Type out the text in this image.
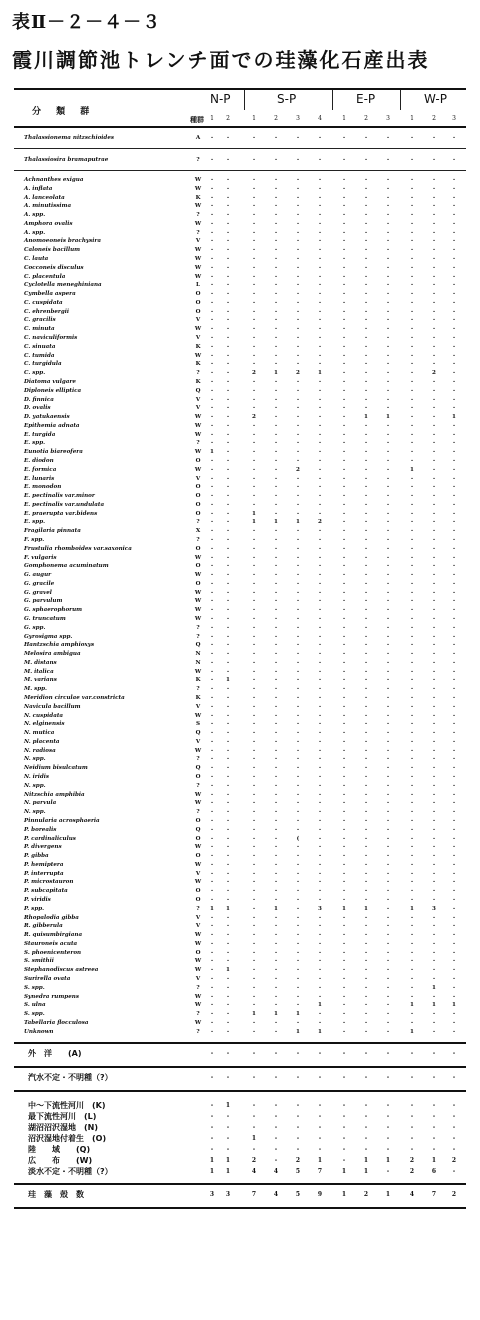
表Ⅱ－２－４－３
霞川調節池トレンチ面での珪藻化石産出表
分 類 群
種群
N-P
1	2
S-P
1	2	3	4
E-P
1	2	3
W-P
1	2	3
Thalassionema nitzschioides	A	-	-	-	-	-	-	-	-	-	-	-	-
Thalassiosira bramaputrae	?	-	-	-	-	-	-	-	-	-	-	-	-
Achnanthes exigua	W	-	-	-	-	-	-	-	-	-	-	-	-
A. inflata	W	-	-	-	-	-	-	-	-	-	-	-	-
A. lanceolata	K	-	-	-	-	-	-	-	-	-	-	-	-
A. minutissima	W	-	-	-	-	-	-	-	-	-	-	-	-
A. spp.	?	-	-	-	-	-	-	-	-	-	-	-	-
Amphora ovalis	W	-	-	-	-	-	-	-	-	-	-	-	-
A. spp.	?	-	-	-	-	-	-	-	-	-	-	-	-
Anomoeoneis brachysira	V	-	-	-	-	-	-	-	-	-	-	-	-
Caloneis bacillum	W	-	-	-	-	-	-	-	-	-	-	-	-
C. lauta	W	-	-	-	-	-	-	-	-	-	-	-	-
Cocconeis disculus	W	-	-	-	-	-	-	-	-	-	-	-	-
C. placentula	W	-	-	-	-	-	-	-	-	-	-	-	-
Cyclotella meneghiniana	L	-	-	-	-	-	-	-	-	-	-	-	-
Cymbella aspera	O	-	-	-	-	-	-	-	-	-	-	-	-
C. cuspidata	O	-	-	-	-	-	-	-	-	-	-	-	-
C. ehrenbergii	O	-	-	-	-	-	-	-	-	-	-	-	-
C. gracilis	V	-	-	-	-	-	-	-	-	-	-	-	-
C. minuta	W	-	-	-	-	-	-	-	-	-	-	-	-
C. naviculiformis	V	-	-	-	-	-	-	-	-	-	-	-	-
C. sinuata	K	-	-	-	-	-	-	-	-	-	-	-	-
C. tumida	W	-	-	-	-	-	-	-	-	-	-	-	-
C. turgidula	K	-	-	-	-	-	-	-	-	-	-	-	-
C. spp.	?	-	-	2	1	2	1	-	-	-	-	2	-
Diatoma vulgare	K	-	-	-	-	-	-	-	-	-	-	-	-
Diploneis elliptica	Q	-	-	-	-	-	-	-	-	-	-	-	-
D. finnica	V	-	-	-	-	-	-	-	-	-	-	-	-
D. ovalis	V	-	-	-	-	-	-	-	-	-	-	-	-
D. yatukaensis	W	-	-	2	-	-	-	-	1	1	-	-	1
Epithemia adnata	W	-	-	-	-	-	-	-	-	-	-	-	-
E. turgida	W	-	-	-	-	-	-	-	-	-	-	-	-
E. spp.	?	-	-	-	-	-	-	-	-	-	-	-	-
Eunotia biareofera	W	1	-	-	-	-	-	-	-	-	-	-	-
E. diodon	O	-	-	-	-	-	-	-	-	-	-	-	-
E. formica	W	-	-	-	-	2	-	-	-	-	1	-	-
E. lunaris	V	-	-	-	-	-	-	-	-	-	-	-	-
E. monodon	O	-	-	-	-	-	-	-	-	-	-	-	-
E. pectinalis var.minor	O	-	-	-	-	-	-	-	-	-	-	-	-
E. pectinalis var.undulata	O	-	-	-	-	-	-	-	-	-	-	-	-
E. praerupta var.bidens	O	-	-	1	-	-	-	-	-	-	-	-	-
E. spp.	?	-	-	1	1	1	2	-	-	-	-	-	-
Fragilaria pinnata	X	-	-	-	-	-	-	-	-	-	-	-	-
F. spp.	?	-	-	-	-	-	-	-	-	-	-	-	-
Frustulia rhomboides var.saxonica	O	-	-	-	-	-	-	-	-	-	-	-	-
F. vulgaris	W	-	-	-	-	-	-	-	-	-	-	-	-
Gomphonema acuminatum	O	-	-	-	-	-	-	-	-	-	-	-	-
G. augur	W	-	-	-	-	-	-	-	-	-	-	-	-
G. gracile	O	-	-	-	-	-	-	-	-	-	-	-	-
G. gravel	W	-	-	-	-	-	-	-	-	-	-	-	-
G. parvulum	W	-	-	-	-	-	-	-	-	-	-	-	-
G. sphaerophorum	W	-	-	-	-	-	-	-	-	-	-	-	-
G. truncatum	W	-	-	-	-	-	-	-	-	-	-	-	-
G. spp.	?	-	-	-	-	-	-	-	-	-	-	-	-
Gyrosigma spp.	?	-	-	-	-	-	-	-	-	-	-	-	-
Hantzschia amphioxys	Q	-	-	-	-	-	-	-	-	-	-	-	-
Melosira ambigua	N	-	-	-	-	-	-	-	-	-	-	-	-
M. distans	N	-	-	-	-	-	-	-	-	-	-	-	-
M. italica	W	-	-	-	-	-	-	-	-	-	-	-	-
M. varians	K	-	1	-	-	-	-	-	-	-	-	-	-
M. spp.	?	-	-	-	-	-	-	-	-	-	-	-	-
Meridion circulae var.constricta	K	-	-	-	-	-	-	-	-	-	-	-	-
Navicula bacillum	V	-	-	-	-	-	-	-	-	-	-	-	-
N. cuspidata	W	-	-	-	-	-	-	-	-	-	-	-	-
N. elginensis	S	-	-	-	-	-	-	-	-	-	-	-	-
N. mutica	Q	-	-	-	-	-	-	-	-	-	-	-	-
N. placenta	V	-	-	-	-	-	-	-	-	-	-	-	-
N. radiosa	W	-	-	-	-	-	-	-	-	-	-	-	-
N. spp.	?	-	-	-	-	-	-	-	-	-	-	-	-
Neidium bisulcatum	Q	-	-	-	-	-	-	-	-	-	-	-	-
N. iridis	O	-	-	-	-	-	-	-	-	-	-	-	-
N. spp.	?	-	-	-	-	-	-	-	-	-	-	-	-
Nitzschia amphibia	W	-	-	-	-	-	-	-	-	-	-	-	-
N. parvula	W	-	-	-	-	-	-	-	-	-	-	-	-
N. spp.	?	-	-	-	-	-	-	-	-	-	-	-	-
Pinnularia acrosphaeria	O	-	-	-	-	-	-	-	-	-	-	-	-
P. borealis	Q	-	-	-	-	-	-	-	-	-	-	-	-
P. cardinaliculus	O	-	-	-	-	(	-	-	-	-	-	-	-
P. divergens	W	-	-	-	-	-	-	-	-	-	-	-	-
P. gibba	O	-	-	-	-	-	-	-	-	-	-	-	-
P. hemiptera	W	-	-	-	-	-	-	-	-	-	-	-	-
P. interrupta	V	-	-	-	-	-	-	-	-	-	-	-	-
P. microstauron	W	-	-	-	-	-	-	-	-	-	-	-	-
P. subcapitata	O	-	-	-	-	-	-	-	-	-	-	-	-
P. viridis	O	-	-	-	-	-	-	-	-	-	-	-	-
P. spp.	?	1	1	-	1	-	3	1	1	-	1	3	-
Rhopalodia gibba	V	-	-	-	-	-	-	-	-	-	-	-	-
R. gibberula	V	-	-	-	-	-	-	-	-	-	-	-	-
R. quisumbirgiana	W	-	-	-	-	-	-	-	-	-	-	-	-
Stauroneis acuta	W	-	-	-	-	-	-	-	-	-	-	-	-
S. phoenicenteron	O	-	-	-	-	-	-	-	-	-	-	-	-
S. smithii	W	-	-	-	-	-	-	-	-	-	-	-	-
Stephanodiscus astreea	W	-	1	-	-	-	-	-	-	-	-	-	-
Surirella ovata	V	-	-	-	-	-	-	-	-	-	-	-	-
S. spp.	?	-	-	-	-	-	-	-	-	-	-	1	-
Synedra rumpens	W	-	-	-	-	-	-	-	-	-	-	-	-
S. ulna	W	-	-	-	-	-	1	-	-	-	1	1	1
S. spp.	?	-	-	1	1	1	-	-	-	-	-	-	-
Tabellaria flocculosa	W	-	-	-	-	-	-	-	-	-	-	-	-
Unknown	?	-	-	-	-	1	1	-	-	-	1	-	-
外　洋　　(A)	-	-	-	-	-	-	-	-	-	-	-	-
汽水不定・不明種（?）	-	-	-	-	-	-	-	-	-	-	-	-
中～下流性河川　(K)	-	1	-	-	-	-	-	-	-	-	-	-
最下流性河川　(L)	-	-	-	-	-	-	-	-	-	-	-	-
湖沼沼沢湿地　(N)	-	-	-	-	-	-	-	-	-	-	-	-
沼沢湿地付着生　(O)	-	-	1	-	-	-	-	-	-	-	-	-
陸　　域　　(Q)	-	-	-	-	-	-	-	-	-	-	-	-
広　　布　　(W)	1	1	2	-	2	1	-	1	1	2	1	2
淡水不定・不明種（?）	1	1	4	4	5	7	1	1	-	2	6	-
珪　藻　殻　数	3	3	7	4	5	9	1	2	1	4	7	2
